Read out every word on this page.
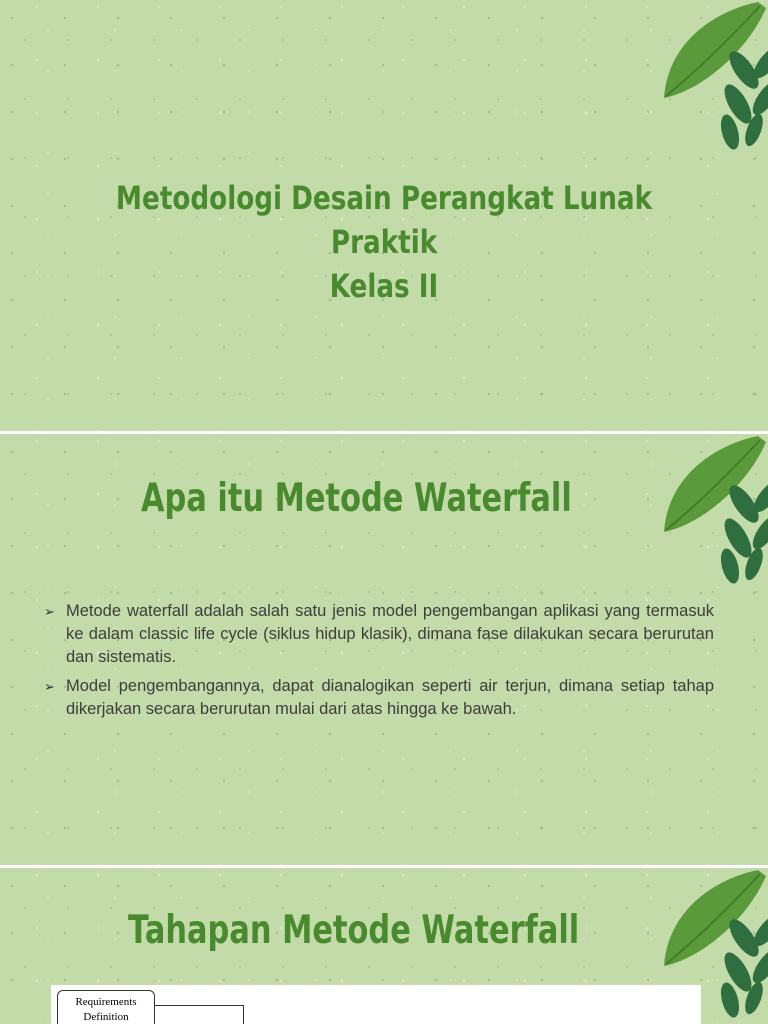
Metodologi Desain Perangkat Lunak Praktik
Kelas II
Apa itu Metode Waterfall
➢ Metode waterfall adalah salah satu jenis model pengembangan aplikasi yang termasuk ke dalam classic life cycle (siklus hidup klasik), dimana fase dilakukan secara berurutan dan sistematis.
➢ Model pengembangannya, dapat dianalogikan seperti air terjun, dimana setiap tahap dikerjakan secara berurutan mulai dari atas hingga ke bawah.
Tahapan Metode Waterfall
Requirements Definition
